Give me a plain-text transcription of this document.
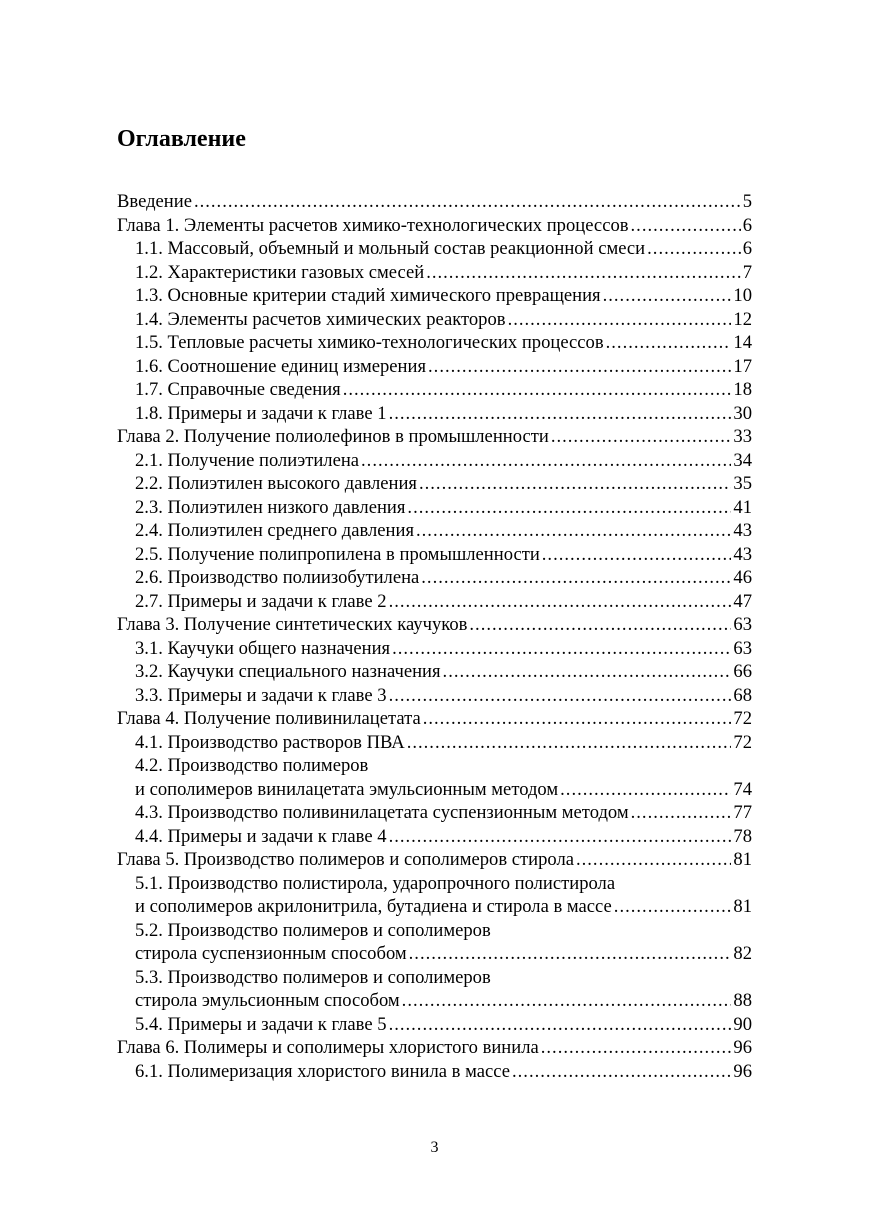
Оглавление
Введение .....	5
Глава 1. Элементы расчетов химико-технологических процессов .....	6
1.1. Массовый, объемный и мольный состав реакционной смеси .....	6
1.2. Характеристики газовых смесей .....	7
1.3. Основные критерии стадий химического превращения .....	10
1.4. Элементы расчетов химических реакторов .....	12
1.5. Тепловые расчеты химико-технологических процессов .....	14
1.6. Соотношение единиц измерения .....	17
1.7. Справочные сведения .....	18
1.8. Примеры и задачи к главе 1 .....	30
Глава 2. Получение полиолефинов в промышленности .....	33
2.1. Получение полиэтилена .....	34
2.2. Полиэтилен высокого давления .....	35
2.3. Полиэтилен низкого давления .....	41
2.4. Полиэтилен среднего давления .....	43
2.5. Получение полипропилена в промышленности .....	43
2.6. Производство полиизобутилена .....	46
2.7. Примеры и задачи к главе 2 .....	47
Глава 3. Получение синтетических каучуков .....	63
3.1. Каучуки общего назначения .....	63
3.2. Каучуки специального назначения .....	66
3.3. Примеры и задачи к главе 3 .....	68
Глава 4. Получение поливинилацетата .....	72
4.1. Производство растворов ПВА .....	72
4.2. Производство полимеров
и сополимеров винилацетата эмульсионным методом .....	74
4.3. Производство поливинилацетата суспензионным методом .....	77
4.4. Примеры и задачи к главе 4 .....	78
Глава 5. Производство полимеров и сополимеров стирола .....	81
5.1. Производство полистирола, ударопрочного полистирола
и сополимеров акрилонитрила, бутадиена и стирола в массе .....	81
5.2. Производство полимеров и сополимеров
стирола суспензионным способом .....	82
5.3. Производство полимеров и сополимеров
стирола эмульсионным способом .....	88
5.4. Примеры и задачи к главе 5 .....	90
Глава 6. Полимеры и сополимеры хлористого винила .....	96
6.1. Полимеризация хлористого винила в массе .....	96
3
